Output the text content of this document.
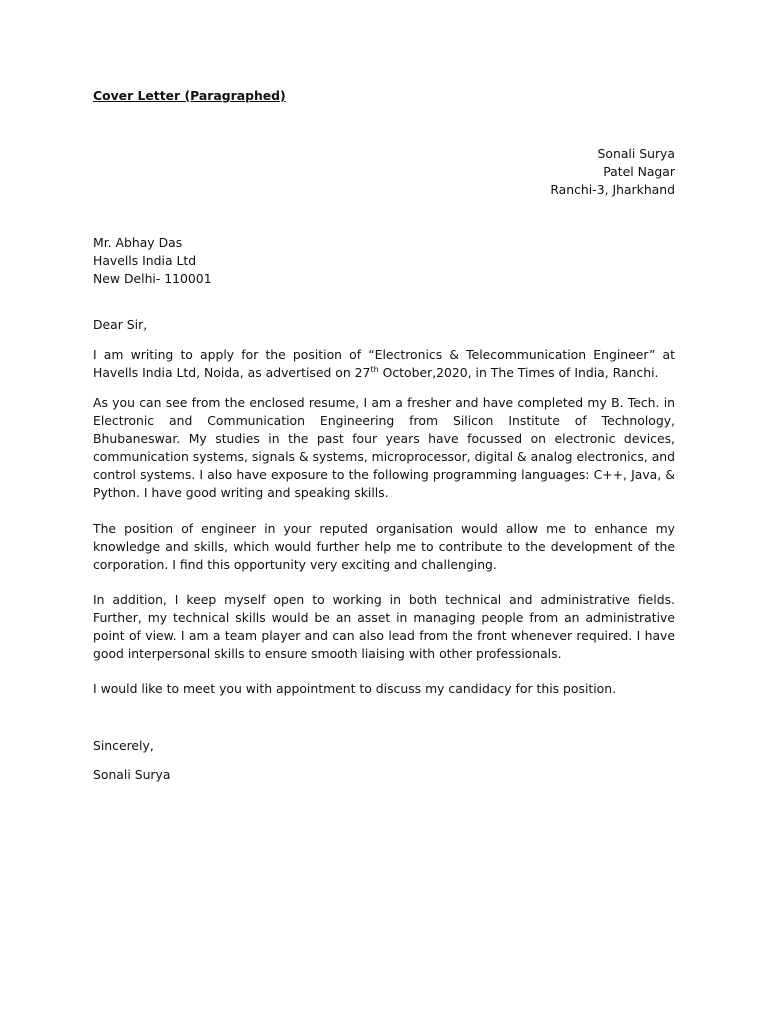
Cover Letter (Paragraphed)
Sonali Surya
Patel Nagar
Ranchi-3, Jharkhand
Mr. Abhay Das
Havells India Ltd
New Delhi- 110001
Dear Sir,
I am writing to apply for the position of “Electronics & Telecommunication Engineer” at Havells India Ltd, Noida, as advertised on 27th October,2020, in The Times of India, Ranchi.
As you can see from the enclosed resume, I am a fresher and have completed my B. Tech. in Electronic and Communication Engineering from Silicon Institute of Technology, Bhubaneswar. My studies in the past four years have focussed on electronic devices, communication systems, signals & systems, microprocessor, digital & analog electronics, and control systems. I also have exposure to the following programming languages: C++, Java, & Python. I have good writing and speaking skills.
The position of engineer in your reputed organisation would allow me to enhance my knowledge and skills, which would further help me to contribute to the development of the corporation. I find this opportunity very exciting and challenging.
In addition, I keep myself open to working in both technical and administrative fields. Further, my technical skills would be an asset in managing people from an administrative point of view. I am a team player and can also lead from the front whenever required. I have good interpersonal skills to ensure smooth liaising with other professionals.
I would like to meet you with appointment to discuss my candidacy for this position.
Sincerely,
Sonali Surya
